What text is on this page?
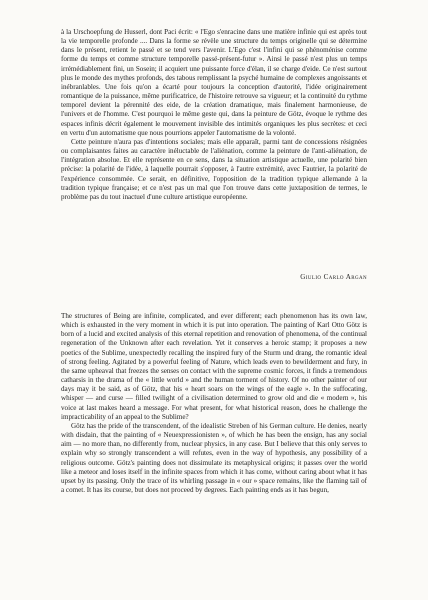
à la Urschoepfung de Husserl, dont Paci écrit: « l'Ego s'enracine dans une matière infinie qui est après tout la vie temporelle profonde .... Dans la forme se révèle une structure du temps originelle qui se détermine dans le présent, retient le passé et se tend vers l'avenir. L'Ego c'est l'infini qui se phénoménise comme forme du temps et comme structure temporelle passé-présent-futur ». Ainsi le passé n'est plus un temps irrémédiablement fini, un Sosein; il acquiert une puissante force d'élan, il se charge d'eide. Ce n'est surtout plus le monde des mythes profonds, des tabous remplissant la psyché humaine de complexes angoissants et inébranlables. Une fois qu'on a écarté pour toujours la conception d'autorité, l'idée originairement romantique de la puissance, même purificatrice, de l'histoire retrouve sa vigueur; et la continuité du rythme temporel devient la pérennité des eide, de la création dramatique, mais finalement harmonieuse, de l'univers et de l'homme. C'est pourquoi le même geste qui, dans la peinture de Götz, évoque le rythme des espaces infinis décrit également le mouvement invisible des intimités organiques les plus secrètes: et ceci en vertu d'un automatisme que nous pourrions appeler l'automatisme de la volonté.

Cette peinture n'aura pas d'intentions sociales; mais elle apparaît, parmi tant de concessions résignées ou complaisantes faites au caractère inéluctable de l'aliénation, comme la peinture de l'anti-aliénation, de l'intégration absolue. Et elle représente en ce sens, dans la situation artistique actuelle, une polarité bien précise: la polarité de l'idée, à laquelle pourrait s'opposer, à l'autre extrémité, avec Fautrier, la polarité de l'expérience consommée. Ce serait, en définitive, l'opposition de la tradition typique allemande à la tradition typique française; et ce n'est pas un mal que l'on trouve dans cette juxtaposition de termes, le problème pas du tout inactuel d'une culture artistique européenne.

Giulio Carlo Argan

The structures of Being are infinite, complicated, and ever different; each phenomenon has its own law, which is exhausted in the very moment in which it is put into operation. The painting of Karl Otto Götz is born of a lucid and excited analysis of this eternal repetition and renovation of phenomena, of the continual regeneration of the Unknown after each revelation. Yet it conserves a heroic stamp; it proposes a new poetics of the Sublime, unexpectedly recalling the inspired fury of the Sturm und drang, the romantic ideal of strong feeling. Agitated by a powerful feeling of Nature, which leads even to bewilderment and fury, in the same upheaval that freezes the senses on contact with the supreme cosmic forces, it finds a tremendous catharsis in the drama of the « little world » and the human torment of history. Of no other painter of our days may it be said, as of Götz, that his « heart soars on the wings of the eagle ». In the suffocating, whisper — and curse — filled twilight of a civilisation determined to grow old and die « modern », his voice at last makes heard a message. For what present, for what historical reason, does he challenge the impracticability of an appeal to the Sublime?

Götz has the pride of the transcendent, of the idealistic Streben of his German culture. He denies, nearly with disdain, that the painting of « Neuexpressionisten », of which he has been the ensign, has any social aim — no more than, no differently from, nuclear physics, in any case. But I believe that this only serves to explain why so strongly transcendent a will refutes, even in the way of hypothesis, any possibility of a religious outcome. Götz's painting does not dissimulate its metaphysical origins; it passes over the world like a meteor and loses itself in the infinite spaces from which it has come, without caring about what it has upset by its passing. Only the trace of its whirling passage in « our » space remains, like the flaming tail of a comet. It has its course, but does not proceed by degrees. Each painting ends as it has begun,
